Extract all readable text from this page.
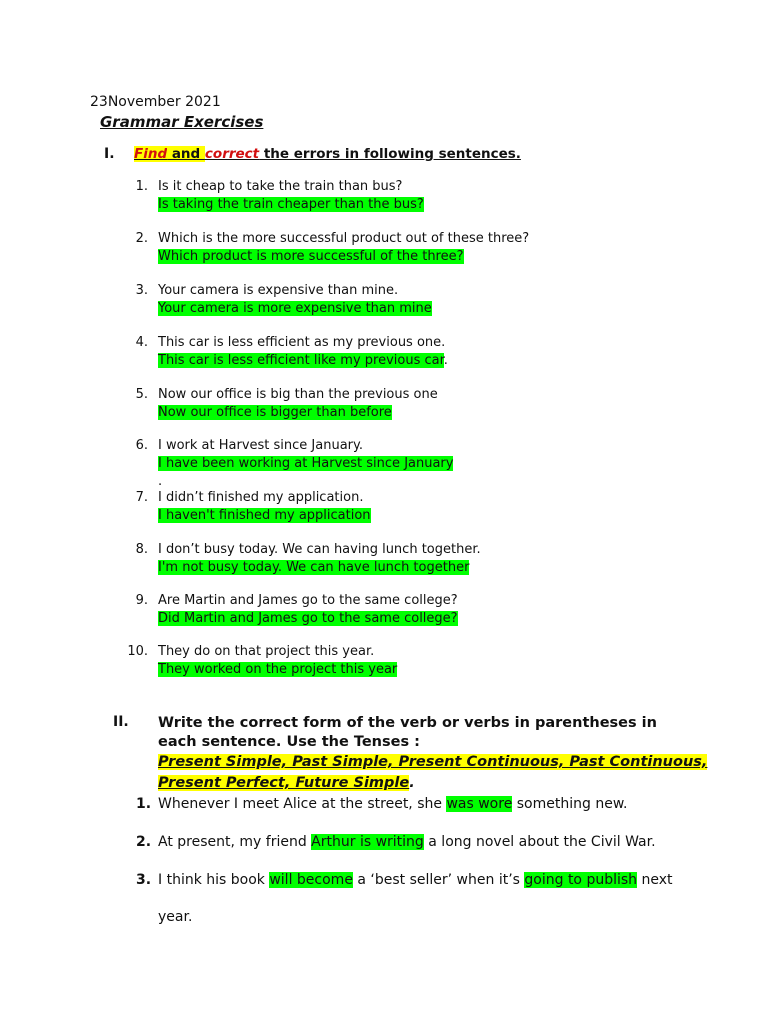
23November 2021
Grammar Exercises
I. Find and correct the errors in following sentences.
1. Is it cheap to take the train than bus?
Is taking the train cheaper than the bus?
2. Which is the more successful product out of these three?
Which product is more successful of the three?
3. Your camera is expensive than mine.
Your camera is more expensive than mine
4. This car is less efficient as my previous one.
This car is less efficient like my previous car.
5. Now our office is big than the previous one
Now our office is bigger than before
6. I work at Harvest since January.
I have been working at Harvest since January
.
7. I didn’t finished my application.
I haven't finished my application
8. I don’t busy today. We can having lunch together.
I'm not busy today. We can have lunch together
9. Are Martin and James go to the same college?
Did Martin and James go to the same college?
10. They do on that project this year.
They worked on the project this year
II. Write the correct form of the verb or verbs in parentheses in each sentence. Use the Tenses :
Present Simple, Past Simple, Present Continuous, Past Continuous,
Present Perfect, Future Simple.
1. Whenever I meet Alice at the street, she was wore something new.
2. At present, my friend Arthur is writing a long novel about the Civil War.
3. I think his book will become a ‘best seller’ when it’s going to publish next
year.
